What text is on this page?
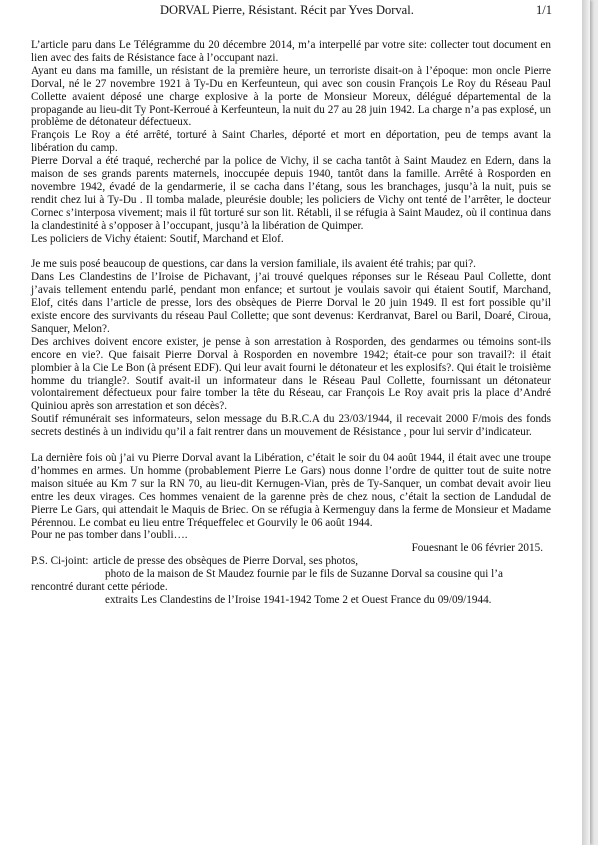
DORVAL Pierre, Résistant. Récit par Yves Dorval.	1/1

L’article paru dans Le Télégramme du 20 décembre 2014, m’a interpellé par votre site: collecter tout document en lien avec des faits de Résistance face à l’occupant nazi.

Ayant eu dans ma famille, un résistant de la première heure, un terroriste disait-on à l’époque: mon oncle Pierre Dorval, né le 27 novembre 1921 à Ty-Du en Kerfeunteun, qui avec son cousin François Le Roy du Réseau Paul Collette avaient déposé une charge explosive à la porte de Monsieur Moreux, délégué départemental de la propagande au lieu-dit Ty Pont-Kerroué à Kerfeunteun, la nuit du 27 au 28 juin 1942. La charge n’a pas explosé, un problème de détonateur défectueux.

François Le Roy a été arrêté, torturé à Saint Charles, déporté et mort en déportation, peu de temps avant la libération du camp.

Pierre Dorval a été traqué, recherché par la police de Vichy, il se cacha tantôt à Saint Maudez en Edern, dans la maison de ses grands parents maternels, inoccupée depuis 1940, tantôt dans la famille. Arrêté à Rosporden en novembre 1942, évadé de la gendarmerie, il se cacha dans l’étang, sous les branchages, jusqu’à la nuit, puis se rendit chez lui à Ty-Du . Il tomba malade, pleurésie double; les policiers de Vichy ont tenté de l’arrêter, le docteur Cornec s’interposa vivement; mais il fût torturé sur son lit. Rétabli, il se réfugia à Saint Maudez, où il continua dans la clandestinité à s’opposer à l’occupant, jusqu’à la libération de Quimper.

Les policiers de Vichy étaient: Soutif, Marchand et Elof.

Je me suis posé beaucoup de questions, car dans la version familiale, ils avaient été trahis; par qui?.

Dans Les Clandestins de l’Iroise de Pichavant, j’ai trouvé quelques réponses sur le Réseau Paul Collette, dont j’avais tellement entendu parlé, pendant mon enfance; et surtout je voulais savoir qui étaient Soutif, Marchand, Elof, cités dans l’article de presse, lors des obsèques de Pierre Dorval le 20 juin 1949. Il est fort possible qu’il existe encore des survivants du réseau Paul Collette; que sont devenus: Kerdranvat, Barel ou Baril, Doaré, Ciroua, Sanquer, Melon?.

Des archives doivent encore exister, je pense à son arrestation à Rosporden, des gendarmes ou témoins sont-ils encore en vie?. Que faisait Pierre Dorval à Rosporden en novembre 1942; était-ce pour son travail?: il était plombier à la Cie Le Bon (à présent EDF). Qui leur avait fourni le détonateur et les explosifs?. Qui était le troisième homme du triangle?. Soutif avait-il un informateur dans le Réseau Paul Collette, fournissant un détonateur volontairement défectueux pour faire tomber la tête du Réseau, car François Le Roy avait pris la place d’André Quiniou après son arrestation et son décès?.

Soutif rémunérait ses informateurs, selon message du B.R.C.A du 23/03/1944, il recevait 2000 F/mois des fonds secrets destinés à un individu qu’il a fait rentrer dans un mouvement de Résistance , pour lui servir d’indicateur.

La dernière fois où j’ai vu Pierre Dorval avant la Libération, c’était le soir du 04 août 1944, il était avec une troupe d’hommes en armes. Un homme (probablement Pierre Le Gars) nous donne l’ordre de quitter tout de suite notre maison située au Km 7 sur la RN 70, au lieu-dit Kernugen-Vian, près de Ty-Sanquer, un combat devait avoir lieu entre les deux virages. Ces hommes venaient de la garenne près de chez nous, c’était la section de Landudal de Pierre Le Gars, qui attendait le Maquis de Briec. On se réfugia à Kermenguy dans la ferme de Monsieur et Madame Pérennou. Le combat eu lieu entre Tréqueffelec et Gourvily le 06 août 1944.

Pour ne pas tomber dans l’oubli….

Fouesnant le 06 février 2015.

P.S. Ci-joint: article de presse des obsèques de Pierre Dorval, ses photos,
photo de la maison de St Maudez fournie par le fils de Suzanne Dorval sa cousine qui l’a

rencontré durant cette période.

extraits Les Clandestins de l’Iroise 1941-1942 Tome 2 et Ouest France du 09/09/1944.
